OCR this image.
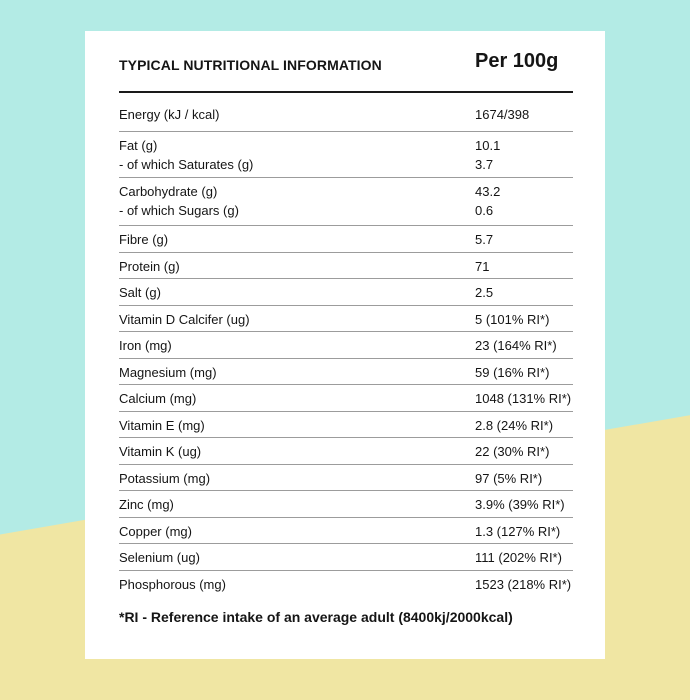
TYPICAL NUTRITIONAL INFORMATION	Per 100g
Energy (kJ / kcal)	1674/398
Fat (g)	10.1
- of which Saturates (g)	3.7
Carbohydrate (g)	43.2
- of which Sugars (g)	0.6
Fibre (g)	5.7
Protein (g)	71
Salt (g)	2.5
Vitamin D Calcifer (ug)	5 (101% RI*)
Iron (mg)	23 (164% RI*)
Magnesium (mg)	59 (16% RI*)
Calcium (mg)	1048 (131% RI*)
Vitamin E (mg)	2.8 (24% RI*)
Vitamin K (ug)	22 (30% RI*)
Potassium (mg)	97 (5% RI*)
Zinc (mg)	3.9% (39% RI*)
Copper (mg)	1.3 (127% RI*)
Selenium (ug)	111 (202% RI*)
Phosphorous (mg)	1523 (218% RI*)
*RI - Reference intake of an average adult (8400kj/2000kcal)
